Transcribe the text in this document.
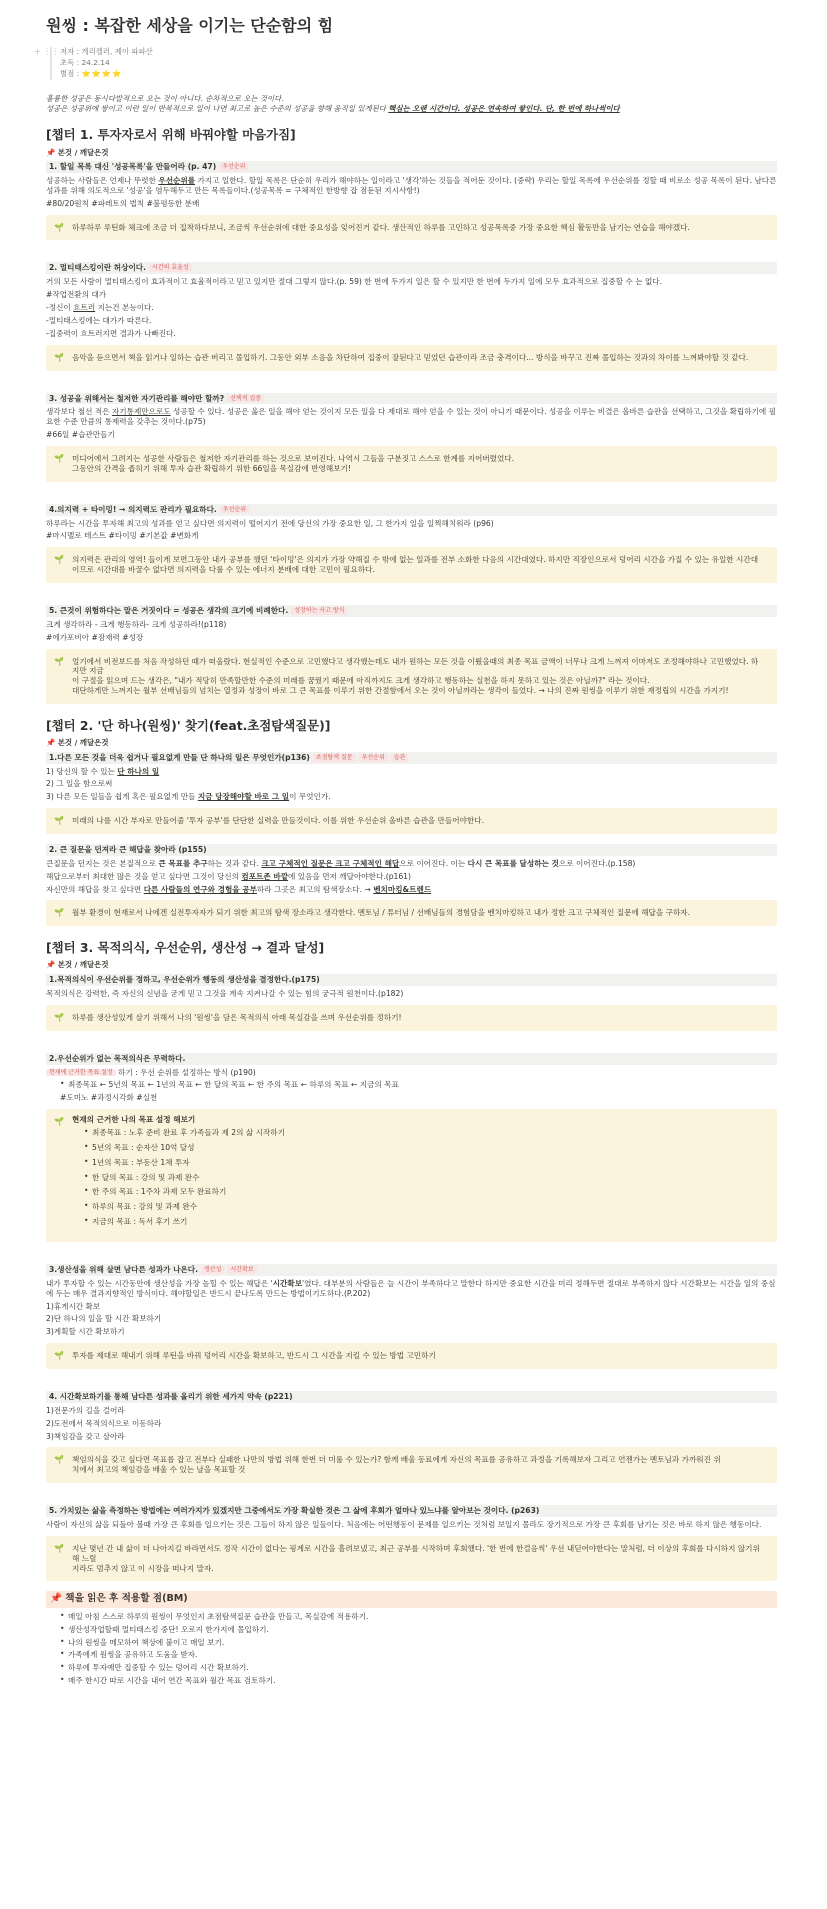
원씽 : 복잡한 세상을 이기는 단순함의 힘
+ ⋮⋮ 저자 : 게리켈러, 제이 파파산
초독 : 24.2.14
별점 : ⭐⭐⭐⭐
훌륭한 성공은 동시다발적으로 오는 것이 아니다. 순차적으로 오는 것이다.
성공은 성공위에 쌓이고 이런 일이 반복적으로 일어 나면 최고로 높은 수준의 성공을 향해 움직일 있게된다 핵심는 오랜 시간이다. 성공은 연속하여 쌓인다. 단, 한 번에 하나씩이다
[챕터 1. 투자자로서 위해 바꿔야할 마음가짐]
📌 본것 / 깨달은것
1. 할일 목록 대신 '성공목록'을 만들어라 (p. 47) 우선순위
성공하는 사람들은 언제나 뚜렷한 우선순위를 가지고 일한다. 할일 목록은 단순히 우리가 해야하는 일이라고 '생각'하는 것들을 적어둔 것이다. (중략) 우리는 할일 목록에 우선순위를 정할 때 비로소 성공 목록이 된다. 남다른 성과를 위해 의도적으로 '성공'을 염두해두고 만든 목록들이다.(성공목록 = 구체적인 한방향 잡 점둔된 지시사항!)
#80/20원칙 #파레토의 법칙 #불평등한 분배
🌱 하루하루 루틴화 체크에 조금 더 집착하다보니, 조금씩 우선순위에 대한 중요성을 잊어진거 같다. 생산적인 하루를 고민하고 성공목록중 가장 중요한 핵심 활동만을 남기는 연습을 해야겠다.
2. 멀티태스킹이란 허상이다. 시간의 효율성
거의 모든 사람이 멀티태스킹이 효과적이고 효율적이라고 믿고 있지만 절대 그렇지 않다.(p. 59) 한 번에 두가지 일은 할 수 있지만 한 번에 두가지 일에 모두 효과적으로 집중할 수 는 없다.
#작업전환의 대가
-정신이 흐트러 지는건 본능이다.
-멀티태스킹에는 대가가 따른다.
-집중력이 흐트러지면 결과가 나빠진다.
🌱 음악을 듣으면서 책을 읽거나 일하는 습관 버리고 몰입하기. 그동안 외부 소음을 차단하여 집중이 잘된다고 믿었던 습관이라 조금 충격이다... 방식을 바꾸고 진짜 몰입하는 것과의 차이를 느껴봐야할 것 같다.
3. 성공을 위해서는 철저한 자기관리를 해야만 할까? 선택적 집중
생각보다 철선 적은 자기통제만으로도 성공할 수 있다. 성공은 옳은 일을 해야 얻는 것이지 모든 일을 다 제대로 해야 얻을 수 있는 것이 아니기 때문이다. 성공을 이루는 비결은 올바른 습관을 선택하고, 그것을 확립하기에 필요한 수준 만큼의 통제력을 갖추는 것이다.(p75)
#66일 #습관만들기
🌱 미디어에서 그려지는 성공한 사람들은 철저한 자기관리를 하는 것으로 보여진다. 나역시 그들을 구분짓고 스스로 한계를 지어버렸었다.
그동안의 간격을 좁히기 위해 투자 습관 확립하기 위한 66일을 목실감에 반영해보기!
4.의지력 + 타이밍! → 의지력도 관리가 필요하다. 우선순위
하루라는 시간을 투자해 최고의 성과를 얻고 싶다면 의지력이 떨어지기 전에 당신의 가장 중요한 일, 그 한가지 일을 일찍해치워라 (p96)
#마시멜로 테스트 #타이밍 #기본값 #변화게
🌱 의지력은 관리의 영역! 들이게 보면그동안 내가 공부를 했던 '타이밍'은 의지가 가장 약해질 수 밖에 없는 일과를 전부 소화한 다음의 시간대였다. 하지만 직장인으로서 덩어리 시간을 가질 수 있는 유일한 시간대이므로 시간대를 바꿀수 없다면 의지력을 다룰 수 있는 에너지 분배에 대한 고민이 필요하다.
5. 큰것이 위험하다는 말은 거짓이다 = 성공은 생각의 크기에 비례한다. 성장하는 사고 방식
크게 생각하라 - 크게 행동하라- 크게 성공하라!(p118)
#에가포비아 #잠재력 #성장
🌱 얼기에서 비전보드를 처음 작성하던 때가 떠올랐다. 현실적인 수준으로 고민했다고 생각했는데도 내가 원하는 모든 것을 이뤘을때의 최종 목표 금액이 너무나 크게 느껴져 이마저도 조정해야하나 고민했었다. 하지만 지금
이 구절을 읽으며 드는 생각은, "내가 적당히 만족할만한 수준의 미래를 꿈꿨기 때문에 아직까지도 크게 생각하고 행동하는 실천을 하지 못하고 있는 것은 아닐까?" 라는 것이다.
대단하게만 느껴지는 월부 선배님들의 넘치는 열정과 성장이 바로 그 큰 목표를 이루기 위한 간절함에서 오는 것이 아닐까라는 생각이 들었다. → 나의 진짜 원씽을 이루기 위한 재정립의 시간을 가지기!
[챕터 2. '단 하나(원씽)' 찾기(feat.초점탐색질문)]
📌 본것 / 깨달은것
1.다른 모든 것을 더욱 쉽거나 필요없게 만들 단 하나의 일은 무엇인가(p136) 초점탐색 질문 우선순위 습관
1) 당신의 할 수 있는 단 하나의 일
2) 그 일을 함으로써
3) 다른 모든 일들을 쉽게 혹은 필요없게 만들 지금 당장해야할 바로 그 일이 무엇인가.
🌱 미래의 나를 시간 부자로 만들어줄 '투자 공부'를 단단한 실력을 만들것이다. 이를 위한 우선순위 올바른 습관을 만들어야한다.
2. 큰 질문을 던져라 큰 해답을 찾아라 (p155)
큰질문을 던지는 것은 본질적으로 큰 목표를 추구하는 것과 같다. 크고 구체적인 질문은 크고 구체적인 해답으로 이어진다. 이는 다시 큰 목표를 달성하는 것으로 이어진다.(p.158)
해답으로부터 최대한 많은 것을 얻고 싶다면 그것이 당신의 컴포트존 바깥에 있음을 먼저 깨달아야한다.(p161)
자신만의 해답을 찾고 싶다면 다른 사람들의 연구와 경험을 공부하라 그곳은 최고의 탐색장소다. → 벤치마킹&트렌드
🌱 월부 환경이 현재로서 나에겐 실전투자자가 되기 위한 최고의 탐색 장소라고 생각한다. 멘토님 / 튜터님 / 선배님들의 경험담을 벤치마킹하고 내가 정한 크고 구체적인 질문에 해답을 구하자.
[챕터 3. 목적의식, 우선순위, 생산성 → 결과 달성]
📌 본것 / 깨달은것
1.목적의식이 우선순위를 정하고, 우선순위가 행동의 생산성을 결정한다.(p175)
목적의식은 강력한, 즉 자신의 신념을 굳게 믿고 그것을 계속 지켜나갈 수 있는 힘의 궁극적 원천이다.(p182)
🌱 하루를 생산성있게 살기 위해서 나의 '원씽'을 담은 목적의식 아래 목실감을 쓰며 우선순위를 정하기!
2.우선순위가 없는 목적의식은 무력하다.
현재에 근거한 목표 설정 하기 : 우선 순위를 설정하는 방식 (p190)
• 최종목표 ← 5년의 목표 ← 1년의 목표 ← 한 달의 목표 ← 한 주의 목표 ← 하루의 목표 ← 지금의 목표
#도미노 #과정시각화 #실천
🌱 현재의 근거한 나의 목표 설정 해보기
• 최종목표 : 노후 준비 완료 후 가족들과 제 2의 삶 시작하기
• 5년의 목표 : 순자산 10억 달성
• 1년의 목표 : 부동산 1채 투자
• 한 달의 목표 : 강의 및 과제 완수
• 한 주의 목표 : 1주차 과제 모두 완료하기
• 하루의 목표 : 강의 및 과제 완수
• 지금의 목표 : 독서 후기 쓰기
3.생산성을 위해 살면 남다른 성과가 나온다. 생산성 시간확보
내가 투자할 수 있는 시간동안에 생산성을 가장 높힐 수 있는 해답은 '시간확보'였다. 대부분의 사람들은 늘 시간이 부족하다고 말한다 하지만 중요한 시간을 미리 정해두면 절대로 부족하지 않다 시간확보는 시간을 일의 중심에 두는 매우 결과지향적인 방식이다. 해야할일은 반드시 끝나도록 만드는 방법이기도하다.(P.202)
1)휴게시간 확보
2)단 하나의 일을 할 시간 확보하기
3)계획할 시간 확보하기
🌱 투자를 제대로 해내기 위해 루틴을 바꿔 덩어리 시간을 확보하고, 반드시 그 시간을 지킬 수 있는 방법 고민하기
4. 시간확보하기를 통해 남다른 성과를 올리기 위한 세가지 약속 (p221)
1)전문가의 길을 걸어라
2)도전에서 목적의식으로 이동하라
3)책임감을 갖고 살아라
🌱 책임의식을 갖고 싶다면 목표를 잡고 전부다 실패한 나만의 방법 위해 한번 더 미룰 수 있는가? 함께 배울 동료에게 자신의 목표를 공유하고 과정을 기록해보자 그리고 언젠가는 멘토님과 가까워진 위
치에서 최고의 책임감을 배울 수 있는 날을 목표할 것
5. 가치있는 삶을 측정하는 방법에는 여러가지가 있겠지만 그중에서도 가장 확실한 것은 그 삶에 후회가 얼마나 있느냐를 알아보는 것이다. (p263)
사람이 자신의 삶을 되돌아 볼때 가장 큰 후회를 일으키는 것은 그들이 하지 않은 일들이다. 처음에는 어떤행동이 문제를 일으키는 것처럼 보일지 몰라도 장기적으로 가장 큰 후회를 남기는 것은 바로 하지 않은 행동이다.
🌱 지난 몇년 간 내 삶이 더 나아지길 바라면서도 정작 시간이 없다는 핑계로 시간을 흘려보냈고, 최근 공부를 시작하며 후회했다. '한 번에 한걸음씩' 우선 내딛어야한다는 말처럼, 더 이상의 후회를 다시하지 않기위해 느릴
지라도 멈추지 않고 이 시장을 떠나지 말자.
📌 책을 읽은 후 적용할 점(BM)
• 매일 아침 스스로 하루의 원씽이 무엇인지 초점탐색질문 습관을 만들고, 목실감에 적용하기.
• 생산성작업할때 멀티태스킹 중단! 오로지 한가지에 몰입하기.
• 나의 원씽을 메모하여 책상에 붙이고 매일 보기.
• 가족에게 원씽을 공유하고 도움을 받자.
• 하루에 투자예만 집중할 수 있는 덩어리 시간 확보하기.
• 매주 한시간 따로 시간을 내어 연간 목표와 월간 목표 검토하기.
